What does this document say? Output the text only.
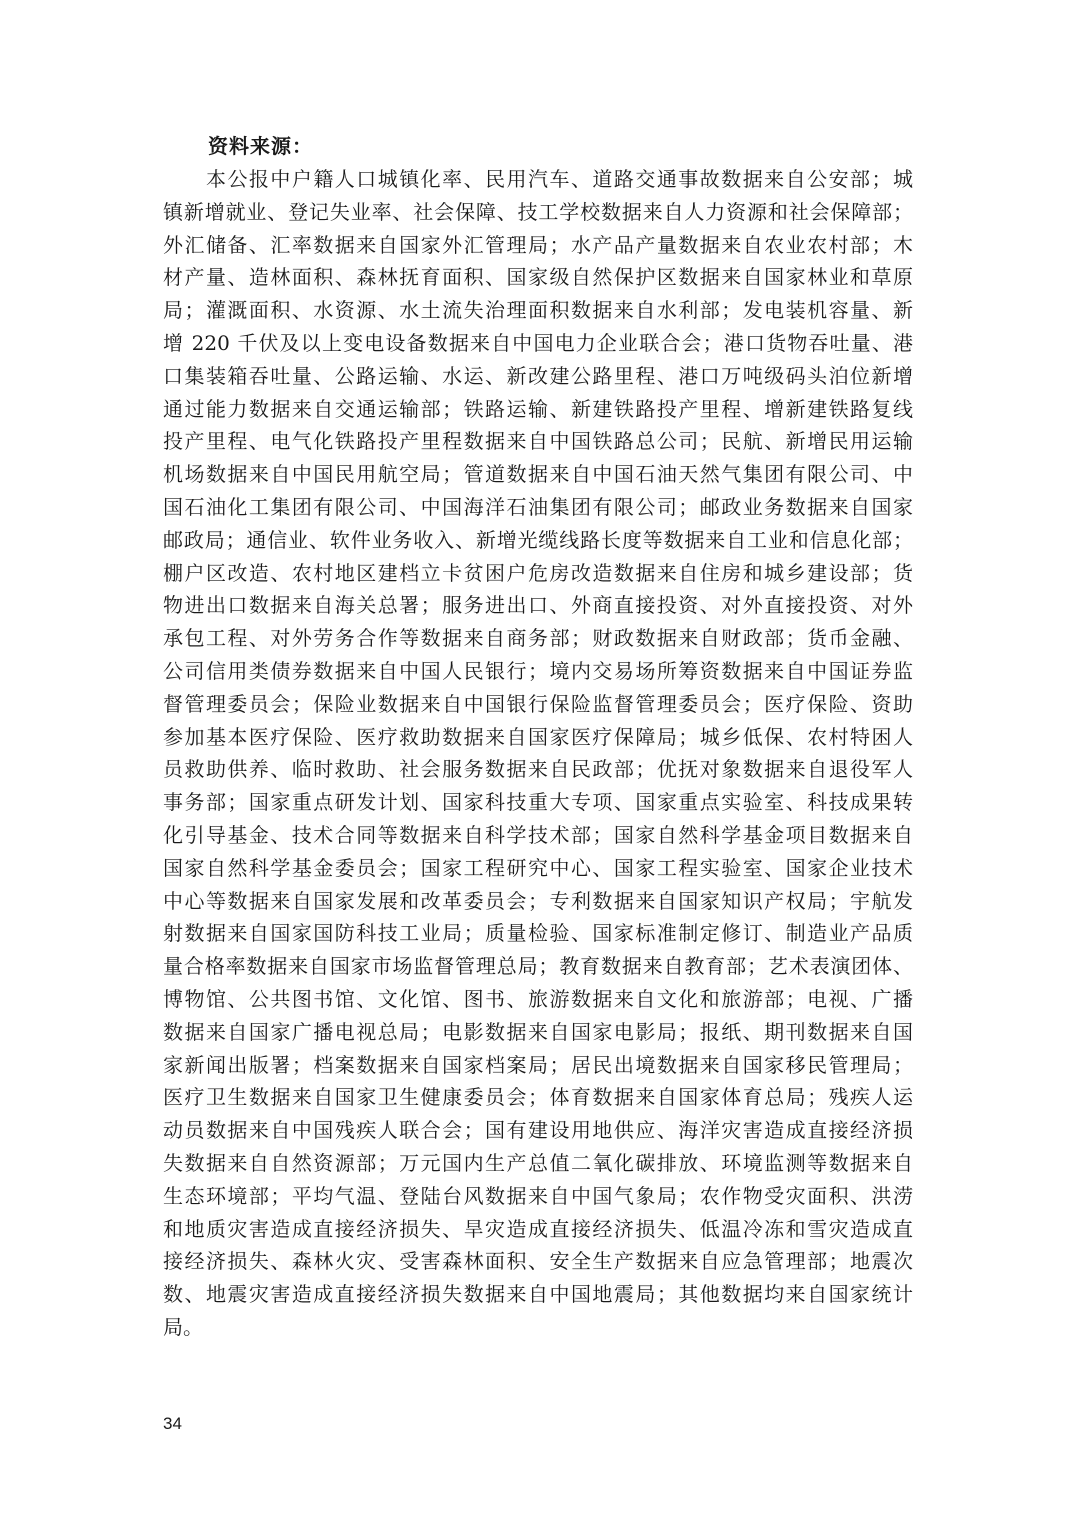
资料来源：
本公报中户籍人口城镇化率、民用汽车、道路交通事故数据来自公安部；城
镇新增就业、登记失业率、社会保障、技工学校数据来自人力资源和社会保障部；
外汇储备、汇率数据来自国家外汇管理局；水产品产量数据来自农业农村部；木
材产量、造林面积、森林抚育面积、国家级自然保护区数据来自国家林业和草原
局；灌溉面积、水资源、水土流失治理面积数据来自水利部；发电装机容量、新
增 220 千伏及以上变电设备数据来自中国电力企业联合会；港口货物吞吐量、港
口集装箱吞吐量、公路运输、水运、新改建公路里程、港口万吨级码头泊位新增
通过能力数据来自交通运输部；铁路运输、新建铁路投产里程、增新建铁路复线
投产里程、电气化铁路投产里程数据来自中国铁路总公司；民航、新增民用运输
机场数据来自中国民用航空局；管道数据来自中国石油天然气集团有限公司、中
国石油化工集团有限公司、中国海洋石油集团有限公司；邮政业务数据来自国家
邮政局；通信业、软件业务收入、新增光缆线路长度等数据来自工业和信息化部；
棚户区改造、农村地区建档立卡贫困户危房改造数据来自住房和城乡建设部；货
物进出口数据来自海关总署；服务进出口、外商直接投资、对外直接投资、对外
承包工程、对外劳务合作等数据来自商务部；财政数据来自财政部；货币金融、
公司信用类债券数据来自中国人民银行；境内交易场所筹资数据来自中国证券监
督管理委员会；保险业数据来自中国银行保险监督管理委员会；医疗保险、资助
参加基本医疗保险、医疗救助数据来自国家医疗保障局；城乡低保、农村特困人
员救助供养、临时救助、社会服务数据来自民政部；优抚对象数据来自退役军人
事务部；国家重点研发计划、国家科技重大专项、国家重点实验室、科技成果转
化引导基金、技术合同等数据来自科学技术部；国家自然科学基金项目数据来自
国家自然科学基金委员会；国家工程研究中心、国家工程实验室、国家企业技术
中心等数据来自国家发展和改革委员会；专利数据来自国家知识产权局；宇航发
射数据来自国家国防科技工业局；质量检验、国家标准制定修订、制造业产品质
量合格率数据来自国家市场监督管理总局；教育数据来自教育部；艺术表演团体、
博物馆、公共图书馆、文化馆、图书、旅游数据来自文化和旅游部；电视、广播
数据来自国家广播电视总局；电影数据来自国家电影局；报纸、期刊数据来自国
家新闻出版署；档案数据来自国家档案局；居民出境数据来自国家移民管理局；
医疗卫生数据来自国家卫生健康委员会；体育数据来自国家体育总局；残疾人运
动员数据来自中国残疾人联合会；国有建设用地供应、海洋灾害造成直接经济损
失数据来自自然资源部；万元国内生产总值二氧化碳排放、环境监测等数据来自
生态环境部；平均气温、登陆台风数据来自中国气象局；农作物受灾面积、洪涝
和地质灾害造成直接经济损失、旱灾造成直接经济损失、低温冷冻和雪灾造成直
接经济损失、森林火灾、受害森林面积、安全生产数据来自应急管理部；地震次
数、地震灾害造成直接经济损失数据来自中国地震局；其他数据均来自国家统计
局。
34
